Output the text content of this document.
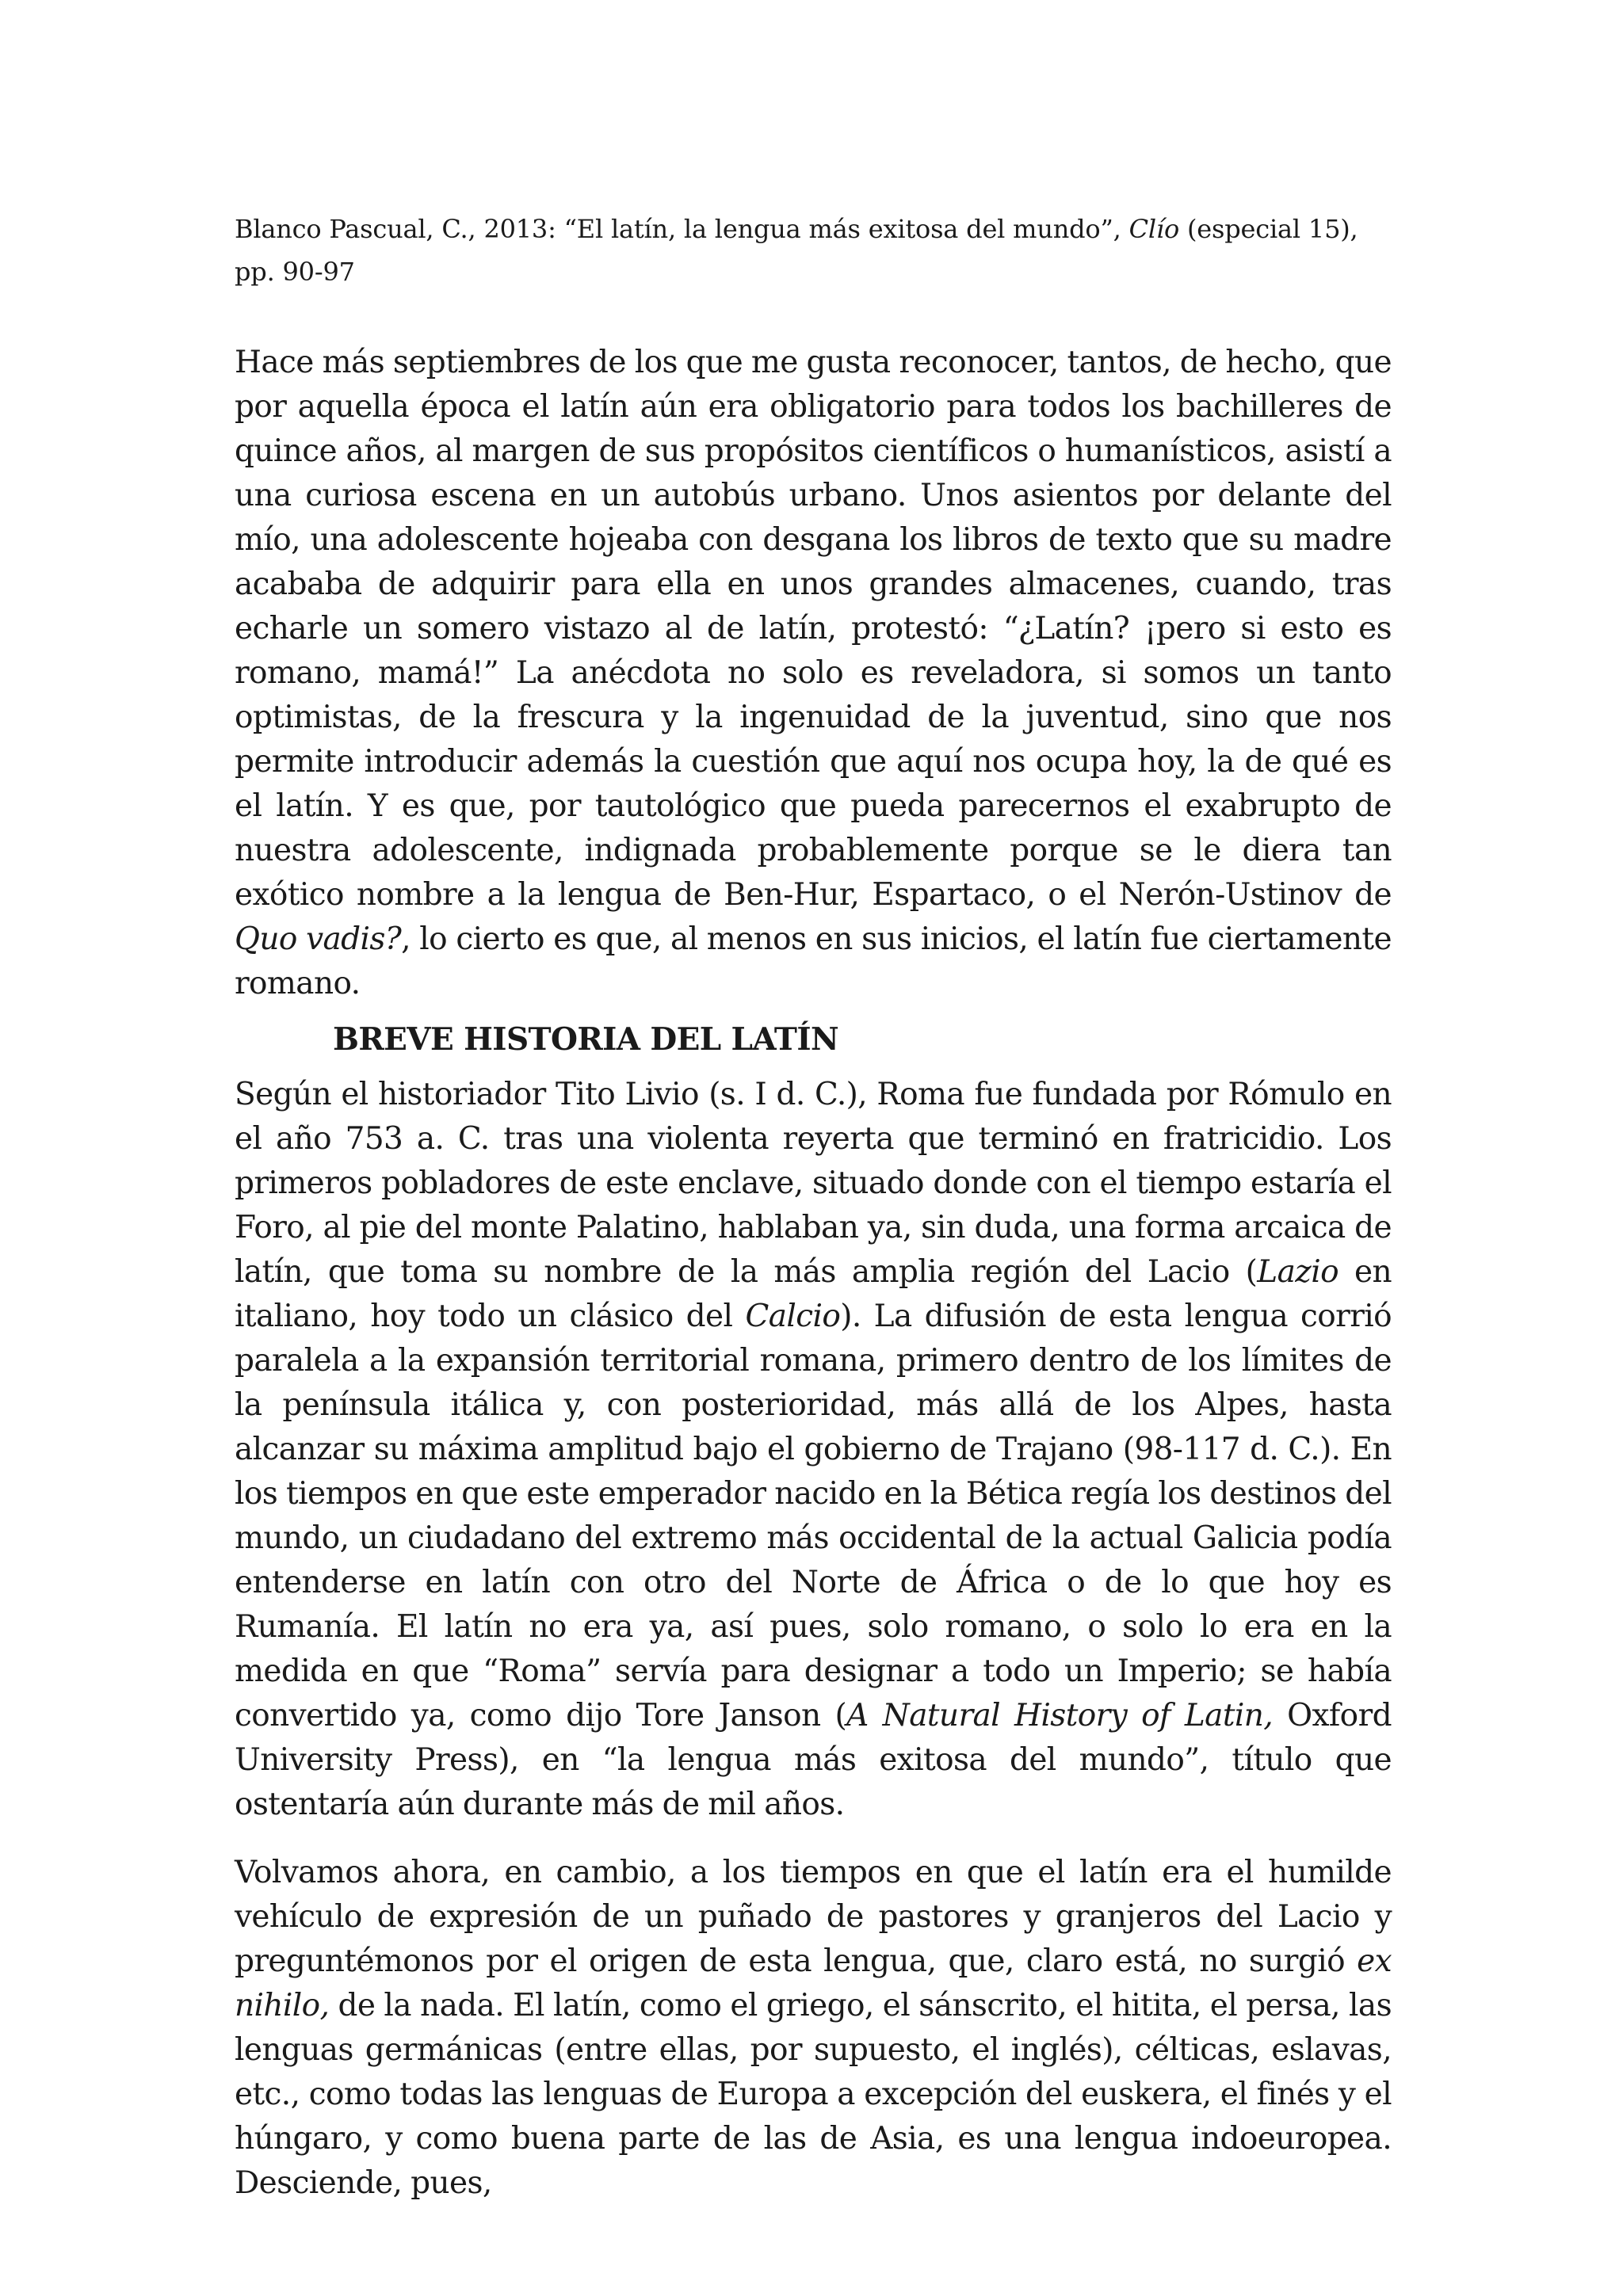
Blanco Pascual, C., 2013: “El latín, la lengua más exitosa del mundo”, Clío (especial 15), pp. 90-97

Hace más septiembres de los que me gusta reconocer, tantos, de hecho, que por aquella época el latín aún era obligatorio para todos los bachilleres de quince años, al margen de sus propósitos científicos o humanísticos, asistí a una curiosa escena en un autobús urbano. Unos asientos por delante del mío, una adolescente hojeaba con desgana los libros de texto que su madre acababa de adquirir para ella en unos grandes almacenes, cuando, tras echarle un somero vistazo al de latín, protestó: “¿Latín? ¡pero si esto es romano, mamá!” La anécdota no solo es reveladora, si somos un tanto optimistas, de la frescura y la ingenuidad de la juventud, sino que nos permite introducir además la cuestión que aquí nos ocupa hoy, la de qué es el latín. Y es que, por tautológico que pueda parecernos el exabrupto de nuestra adolescente, indignada probablemente porque se le diera tan exótico nombre a la lengua de Ben-Hur, Espartaco, o el Nerón-Ustinov de Quo vadis?, lo cierto es que, al menos en sus inicios, el latín fue ciertamente romano.

BREVE HISTORIA DEL LATÍN

Según el historiador Tito Livio (s. I d. C.), Roma fue fundada por Rómulo en el año 753 a. C. tras una violenta reyerta que terminó en fratricidio. Los primeros pobladores de este enclave, situado donde con el tiempo estaría el Foro, al pie del monte Palatino, hablaban ya, sin duda, una forma arcaica de latín, que toma su nombre de la más amplia región del Lacio (Lazio en italiano, hoy todo un clásico del Calcio). La difusión de esta lengua corrió paralela a la expansión territorial romana, primero dentro de los límites de la península itálica y, con posterioridad, más allá de los Alpes, hasta alcanzar su máxima amplitud bajo el gobierno de Trajano (98-117 d. C.). En los tiempos en que este emperador nacido en la Bética regía los destinos del mundo, un ciudadano del extremo más occidental de la actual Galicia podía entenderse en latín con otro del Norte de África o de lo que hoy es Rumanía. El latín no era ya, así pues, solo romano, o solo lo era en la medida en que “Roma” servía para designar a todo un Imperio; se había convertido ya, como dijo Tore Janson (A Natural History of Latin, Oxford University Press), en “la lengua más exitosa del mundo”, título que ostentaría aún durante más de mil años.

Volvamos ahora, en cambio, a los tiempos en que el latín era el humilde vehículo de expresión de un puñado de pastores y granjeros del Lacio y preguntémonos por el origen de esta lengua, que, claro está, no surgió ex nihilo, de la nada. El latín, como el griego, el sánscrito, el hitita, el persa, las lenguas germánicas (entre ellas, por supuesto, el inglés), célticas, eslavas, etc., como todas las lenguas de Europa a excepción del euskera, el finés y el húngaro, y como buena parte de las de Asia, es una lengua indoeuropea. Desciende, pues,
